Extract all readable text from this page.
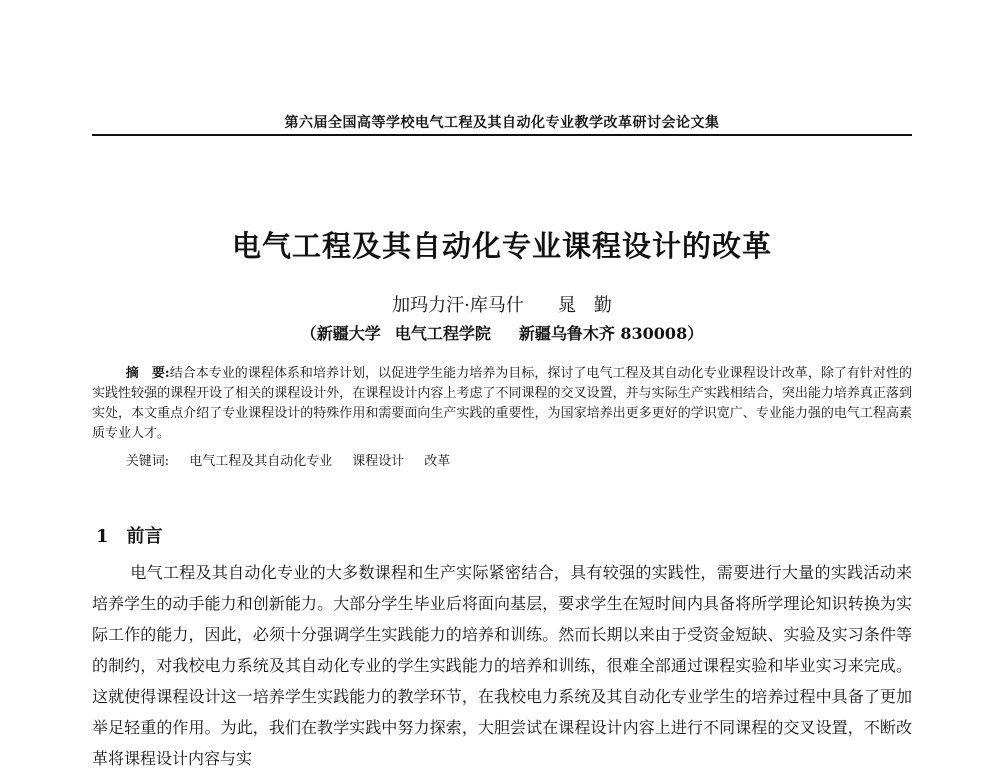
第六届全国高等学校电气工程及其自动化专业教学改革研讨会论文集
电气工程及其自动化专业课程设计的改革
加玛力汗·库马什 晁　勤
（新疆大学 电气工程学院 新疆乌鲁木齐 830008）
摘　要:结合本专业的课程体系和培养计划，以促进学生能力培养为目标，探讨了电气工程及其自动化专业课程设计改革，除了有针对性的实践性较强的课程开设了相关的课程设计外，在课程设计内容上考虑了不同课程的交叉设置，并与实际生产实践相结合，突出能力培养真正落到实处，本文重点介绍了专业课程设计的特殊作用和需要面向生产实践的重要性，为国家培养出更多更好的学识宽广、专业能力强的电气工程高素质专业人才。
关键词: 电气工程及其自动化专业 课程设计 改革
1 前言

电气工程及其自动化专业的大多数课程和生产实际紧密结合，具有较强的实践性，需要进行大量的实践活动来培养学生的动手能力和创新能力。大部分学生毕业后将面向基层，要求学生在短时间内具备将所学理论知识转换为实际工作的能力，因此，必须十分强调学生实践能力的培养和训练。然而长期以来由于受资金短缺、实验及实习条件等的制约，对我校电力系统及其自动化专业的学生实践能力的培养和训练，很难全部通过课程实验和毕业实习来完成。这就使得课程设计这一培养学生实践能力的教学环节，在我校电力系统及其自动化专业学生的培养过程中具备了更加举足轻重的作用。为此，我们在教学实践中努力探索，大胆尝试在课程设计内容上进行不同课程的交叉设置，不断改革将课程设计内容与实
